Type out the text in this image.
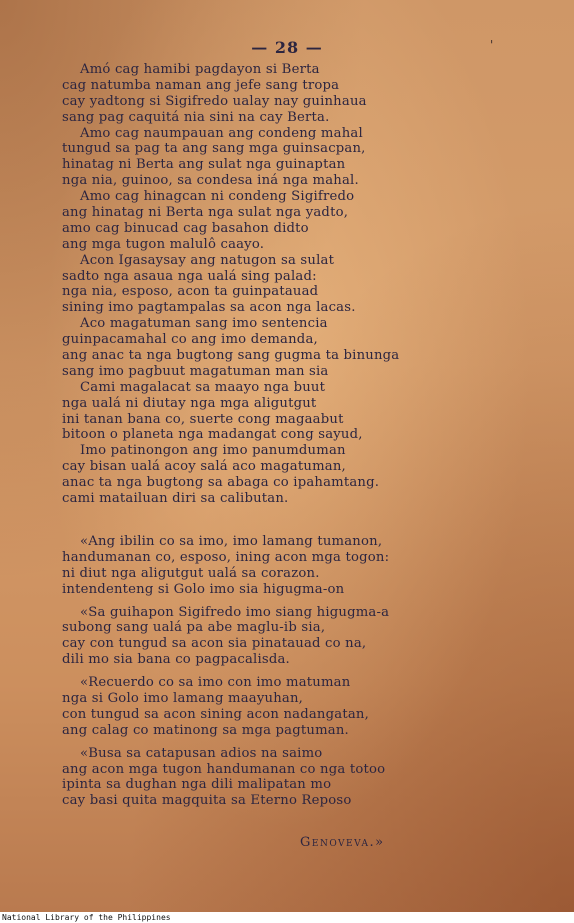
'
— 28 —
Amó cag hamibi pagdayon si Berta
cag natumba naman ang jefe sang tropa
cay yadtong si Sigifredo ualay nay guinhaua
sang pag caquitá nia sini na cay Berta.
Amo cag naumpauan ang condeng mahal
tungud sa pag ta ang sang mga guinsacpan,
hinatag ni Berta ang sulat nga guinaptan
nga nia, guinoo, sa condesa iná nga mahal.
Amo cag hinagcan ni condeng Sigifredo
ang hinatag ni Berta nga sulat nga yadto,
amo cag binucad cag basahon didto
ang mga tugon malulô caayo.
Acon Igasaysay ang natugon sa sulat
sadto nga asaua nga ualá sing palad:
nga nia, esposo, acon ta guinpatauad
sining imo pagtampalas sa acon nga lacas.
Aco magatuman sang imo sentencia
guinpacamahal co ang imo demanda,
ang anac ta nga bugtong sang gugma ta binunga
sang imo pagbuut magatuman man sia
Cami magalacat sa maayo nga buut
nga ualá ni diutay nga mga aligutgut
ini tanan bana co, suerte cong magaabut
bitoon o planeta nga madangat cong sayud,
Imo patinongon ang imo panumduman
cay bisan ualá acoy salá aco magatuman,
anac ta nga bugtong sa abaga co ipahamtang.
cami matailuan diri sa calibutan.
«Ang ibilin co sa imo, imo lamang tumanon,
handumanan co, esposo, ining acon mga togon:
ni diut nga aligutgut ualá sa corazon.
intendenteng si Golo imo sia higugma-on
«Sa guihapon Sigifredo imo siang higugma-a
subong sang ualá pa abe maglu-ib sia,
cay con tungud sa acon sia pinatauad co na,
dili mo sia bana co pagpacalisda.
«Recuerdo co sa imo con imo matuman
nga si Golo imo lamang maayuhan,
con tungud sa acon sining acon nadangatan,
ang calag co matinong sa mga pagtuman.
«Busa sa catapusan adios na saimo
ang acon mga tugon handumanan co nga totoo
ipinta sa dughan nga dili malipatan mo
cay basi quita magquita sa Eterno Reposo
Genoveva.»
National Library of the Philippines
